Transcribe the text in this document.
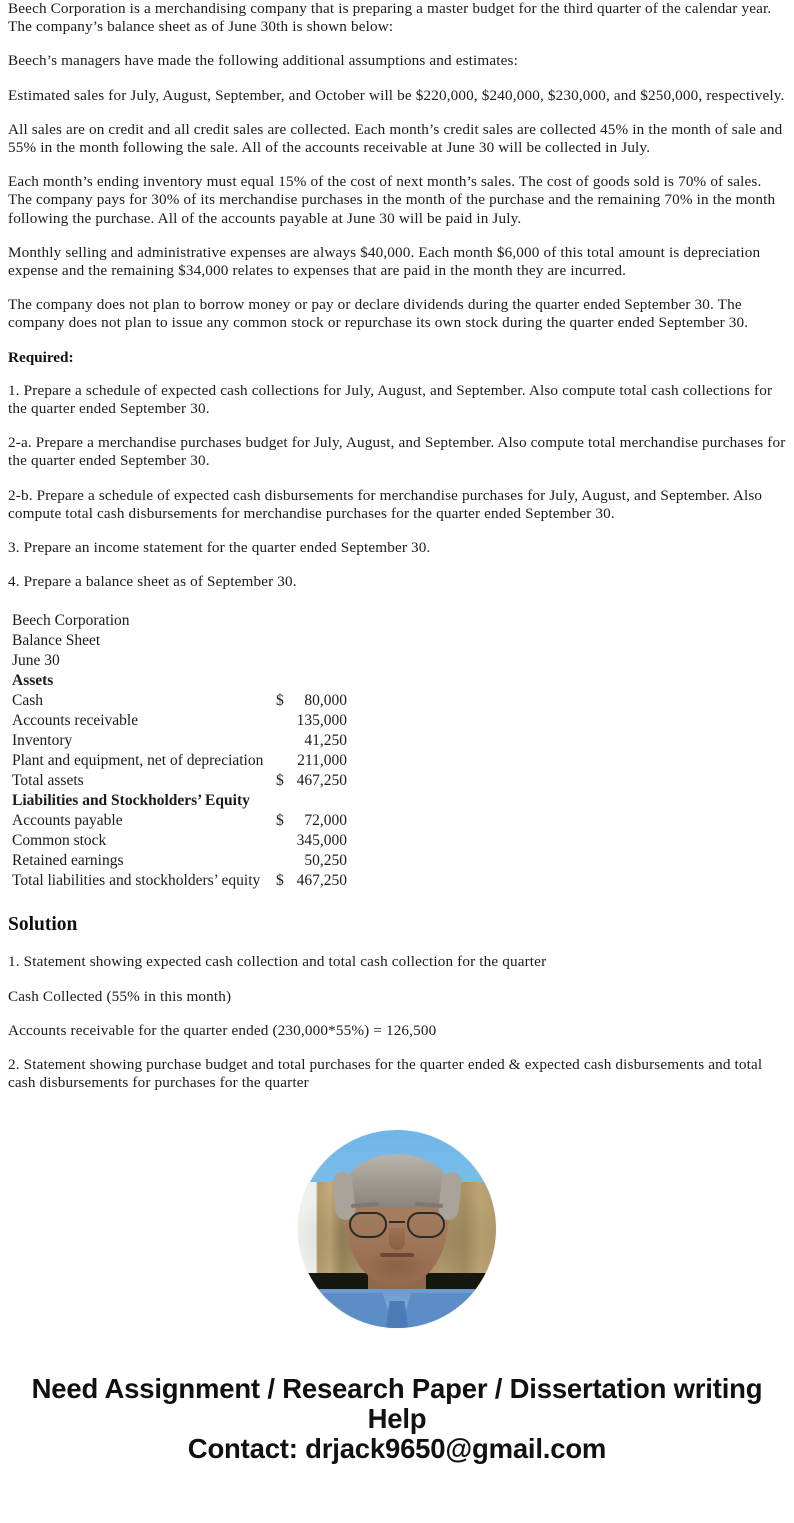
Beech Corporation is a merchandising company that is preparing a master budget for the third quarter of the calendar year. The company’s balance sheet as of June 30th is shown below:

Beech’s managers have made the following additional assumptions and estimates:

Estimated sales for July, August, September, and October will be $220,000, $240,000, $230,000, and $250,000, respectively.

All sales are on credit and all credit sales are collected. Each month’s credit sales are collected 45% in the month of sale and 55% in the month following the sale. All of the accounts receivable at June 30 will be collected in July.

Each month’s ending inventory must equal 15% of the cost of next month’s sales. The cost of goods sold is 70% of sales. The company pays for 30% of its merchandise purchases in the month of the purchase and the remaining 70% in the month following the purchase. All of the accounts payable at June 30 will be paid in July.

Monthly selling and administrative expenses are always $40,000. Each month $6,000 of this total amount is depreciation expense and the remaining $34,000 relates to expenses that are paid in the month they are incurred.

The company does not plan to borrow money or pay or declare dividends during the quarter ended September 30. The company does not plan to issue any common stock or repurchase its own stock during the quarter ended September 30.

Required:

1. Prepare a schedule of expected cash collections for July, August, and September. Also compute total cash collections for the quarter ended September 30.

2-a. Prepare a merchandise purchases budget for July, August, and September. Also compute total merchandise purchases for the quarter ended September 30.

2-b. Prepare a schedule of expected cash disbursements for merchandise purchases for July, August, and September. Also compute total cash disbursements for merchandise purchases for the quarter ended September 30.

3. Prepare an income statement for the quarter ended September 30.

4. Prepare a balance sheet as of September 30.

Beech Corporation		
Balance Sheet		
June 30		
Assets		
Cash	$	80,000
Accounts receivable		135,000
Inventory		41,250
Plant and equipment, net of depreciation		211,000
Total assets	$	467,250
Liabilities and Stockholders’ Equity		
Accounts payable	$	72,000
Common stock		345,000
Retained earnings		50,250
Total liabilities and stockholders’ equity	$	467,250

Solution

1. Statement showing expected cash collection and total cash collection for the quarter

Cash Collected (55% in this month)

Accounts receivable for the quarter ended (230,000*55%) = 126,500

2. Statement showing purchase budget and total purchases for the quarter ended & expected cash disbursements and total cash disbursements for purchases for the quarter

Need Assignment / Research Paper / Dissertation writing Help
Contact: drjack9650@gmail.com
